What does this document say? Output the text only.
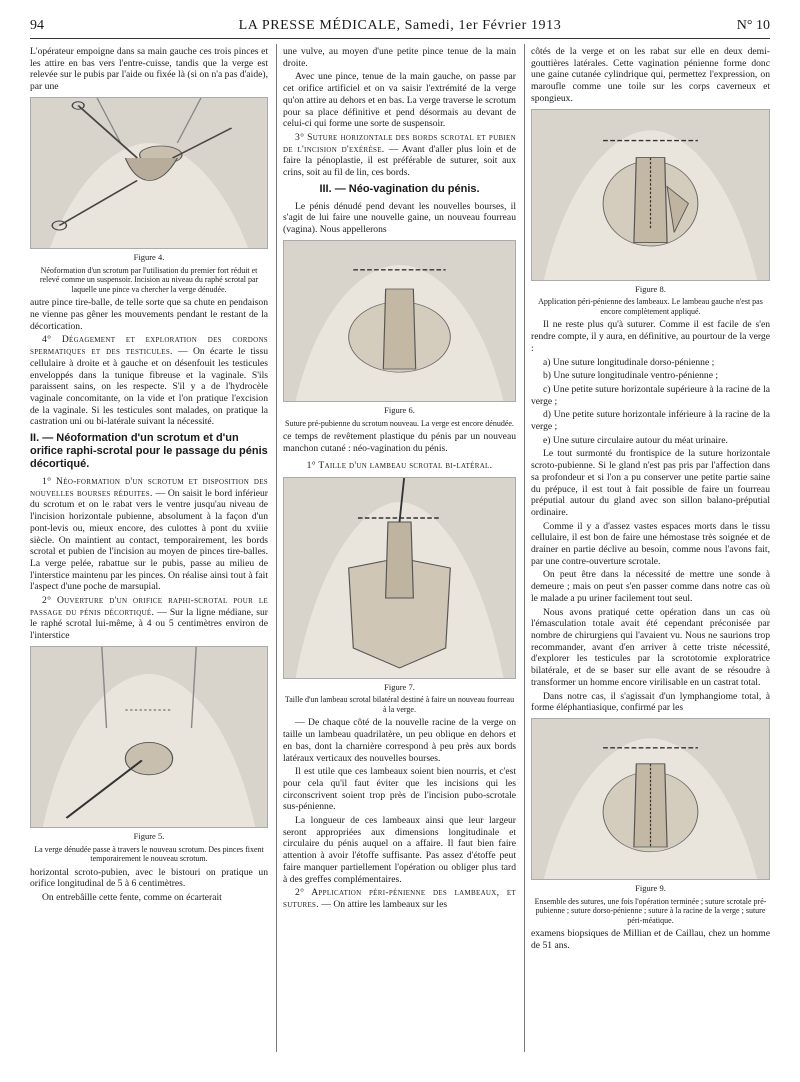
94	LA PRESSE MÉDICALE, Samedi, 1er Février 1913	N° 10

L'opérateur empoigne dans sa main gauche ces trois pinces et les attire en bas vers l'entre-cuisse, tandis que la verge est relevée sur le pubis par l'aide ou fixée là (si on n'a pas d'aide), par une

Figure 4.
Néoformation d'un scrotum par l'utilisation du premier fort réduit et relevé comme un suspensoir. Incision au niveau du raphé scrotal par laquelle une pince va chercher la verge dénudée.

autre pince tire-balle, de telle sorte que sa chute en pendaison ne vienne pas gêner les mouvements pendant le restant de la décortication.

4° Dégagement et exploration des cordons spermatiques et des testicules. — On écarte le tissu cellulaire à droite et à gauche et on désenfouit les testicules enveloppés dans la tunique fibreuse et la vaginale. S'ils paraissent sains, on les respecte. S'il y a de l'hydrocèle vaginale concomitante, on la vide et l'on pratique l'excision de la vaginale. Si les testicules sont malades, on pratique la castration uni ou bi-latérale suivant la nécessité.

II. — Néoformation d'un scrotum et d'un orifice raphi-scrotal pour le passage du pénis décortiqué.

1° Néo-formation d'un scrotum et disposition des nouvelles bourses réduites. — On saisit le bord inférieur du scrotum et on le rabat vers le ventre jusqu'au niveau de l'incision horizontale pubienne, absolument à la façon d'un pont-levis ou, mieux encore, des culottes à pont du xviiie siècle. On maintient au contact, temporairement, les bords scrotal et pubien de l'incision au moyen de pinces tire-balles. La verge pelée, rabattue sur le pubis, passe au milieu de l'interstice maintenu par les pinces. On réalise ainsi tout à fait l'aspect d'une poche de marsupial.

2° Ouverture d'un orifice raphi-scrotal pour le passage du pénis décortiqué. — Sur la ligne médiane, sur le raphé scrotal lui-même, à 4 ou 5 centimètres environ de l'interstice

Figure 5.
La verge dénudée passe à travers le nouveau scrotum. Des pinces fixent temporairement le nouveau scrotum.

horizontal scroto-pubien, avec le bistouri on pratique un orifice longitudinal de 5 à 6 centimètres.

On entrebâille cette fente, comme on écarterait

une vulve, au moyen d'une petite pince tenue de la main droite.

Avec une pince, tenue de la main gauche, on passe par cet orifice artificiel et on va saisir l'extrémité de la verge qu'on attire au dehors et en bas. La verge traverse le scrotum pour sa place définitive et pend désormais au devant de celui-ci qui forme une sorte de suspensoir.

3° Suture horizontale des bords scrotal et pubien de l'incision d'exérèse. — Avant d'aller plus loin et de faire la pénoplastie, il est préférable de suturer, soit aux crins, soit au fil de lin, ces bords.

III. — Néo-vagination du pénis.

Le pénis dénudé pend devant les nouvelles bourses, il s'agit de lui faire une nouvelle gaine, un nouveau fourreau (vagina). Nous appellerons

Figure 6.
Suture pré-pubienne du scrotum nouveau. La verge est encore dénudée.

ce temps de revêtement plastique du pénis par un nouveau manchon cutané : néo-vagination du pénis.

1° Taille d'un lambeau scrotal bi-latéral.
Figure 7.
Taille d'un lambeau scrotal bilatéral destiné à faire un nouveau fourreau à la verge.

— De chaque côté de la nouvelle racine de la verge on taille un lambeau quadrilatère, un peu oblique en dehors et en bas, dont la charnière correspond à peu près aux bords latéraux verticaux des nouvelles bourses.

Il est utile que ces lambeaux soient bien nourris, et c'est pour cela qu'il faut éviter que les incisions qui les circonscrivent soient trop près de l'incision pubo-scrotale sus-pénienne.

La longueur de ces lambeaux ainsi que leur largeur seront appropriées aux dimensions longitudinale et circulaire du pénis auquel on a affaire. Il faut bien faire attention à avoir l'étoffe suffisante. Pas assez d'étoffe peut faire manquer partiellement l'opération ou obliger plus tard à des greffes complémentaires.

2° Application péri-pénienne des lambeaux, et sutures. — On attire les lambeaux sur les

côtés de la verge et on les rabat sur elle en deux demi-gouttières latérales. Cette vagination pénienne forme donc une gaine cutanée cylindrique qui, permettez l'expression, on maroufle comme une toile sur les corps caverneux et spongieux.

Figure 8.
Application péri-pénienne des lambeaux. Le lambeau gauche n'est pas encore complètement appliqué.

Il ne reste plus qu'à suturer. Comme il est facile de s'en rendre compte, il y aura, en définitive, au pourtour de la verge :

a) Une suture longitudinale dorso-pénienne ;

b) Une suture longitudinale ventro-pénienne ;

c) Une petite suture horizontale supérieure à la racine de la verge ;

d) Une petite suture horizontale inférieure à la racine de la verge ;

e) Une suture circulaire autour du méat urinaire.

Le tout surmonté du frontispice de la suture horizontale scroto-pubienne. Si le gland n'est pas pris par l'affection dans sa profondeur et si l'on a pu conserver une petite partie saine du prépuce, il est tout à fait possible de faire un fourreau préputial autour du gland avec son sillon balano-préputial ordinaire.

Comme il y a d'assez vastes espaces morts dans le tissu cellulaire, il est bon de faire une hémostase très soignée et de drainer en partie déclive au besoin, comme nous l'avons fait, par une contre-ouverture scrotale.

On peut être dans la nécessité de mettre une sonde à demeure ; mais on peut s'en passer comme dans notre cas où le malade a pu uriner facilement tout seul.

Nous avons pratiqué cette opération dans un cas où l'émasculation totale avait été cependant préconisée par nombre de chirurgiens qui l'avaient vu. Nous ne saurions trop recommander, avant d'en arriver à cette triste nécessité, d'explorer les testicules par la scrototomie exploratrice bilatérale, et de se baser sur elle avant de se résoudre à transformer un homme encore virilisable en un castrat total.

Dans notre cas, il s'agissait d'un lymphangiome total, à forme éléphantiasique, confirmé par les

Figure 9.
Ensemble des sutures, une fois l'opération terminée ; suture scrotale pré-pubienne ; suture dorso-pénienne ; suture à la racine de la verge ; suture péri-méatique.

examens biopsiques de Millian et de Caillau, chez un homme de 51 ans.
